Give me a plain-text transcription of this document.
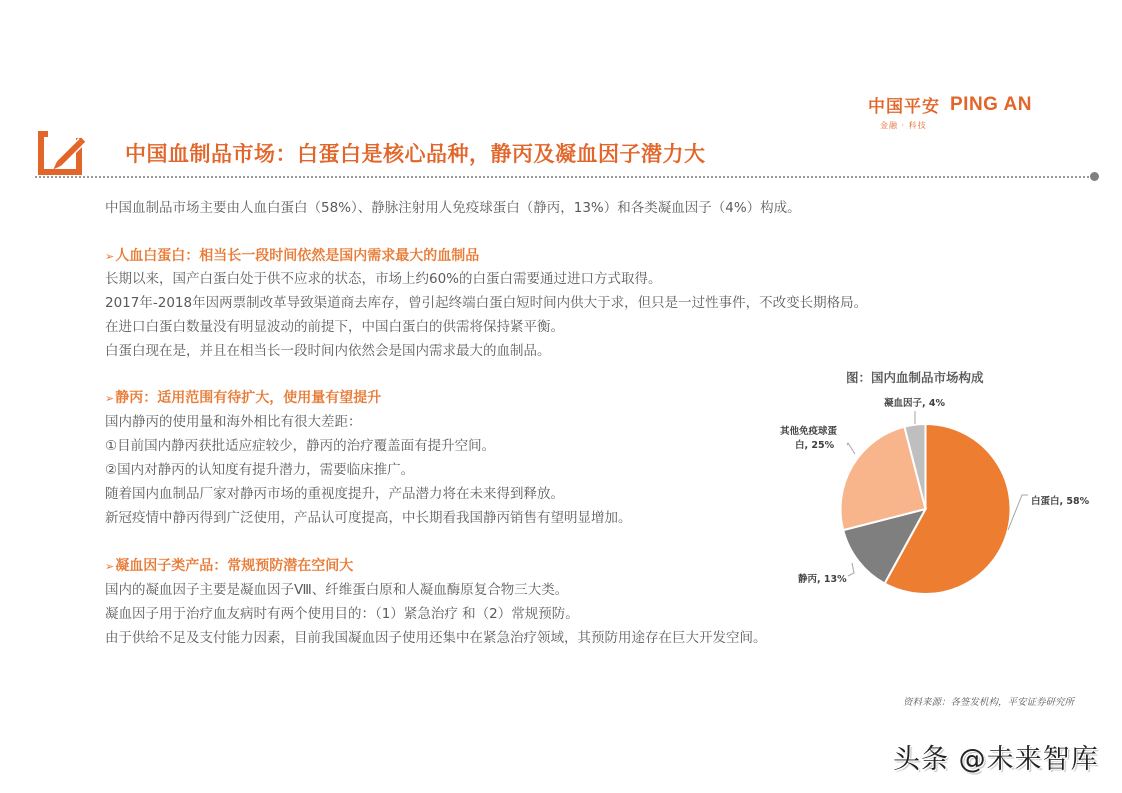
中国平安 PING AN
金融 · 科技
中国血制品市场：白蛋白是核心品种，静丙及凝血因子潜力大
中国血制品市场主要由人血白蛋白（58%）、静脉注射用人免疫球蛋白（静丙，13%）和各类凝血因子（4%）构成。
➢人血白蛋白：相当长一段时间依然是国内需求最大的血制品
长期以来，国产白蛋白处于供不应求的状态，市场上约60%的白蛋白需要通过进口方式取得。
2017年-2018年因两票制改革导致渠道商去库存，曾引起终端白蛋白短时间内供大于求，但只是一过性事件，不改变长期格局。
在进口白蛋白数量没有明显波动的前提下，中国白蛋白的供需将保持紧平衡。
白蛋白现在是，并且在相当长一段时间内依然会是国内需求最大的血制品。
➢静丙：适用范围有待扩大，使用量有望提升
国内静丙的使用量和海外相比有很大差距：
①目前国内静丙获批适应症较少，静丙的治疗覆盖面有提升空间。
②国内对静丙的认知度有提升潜力，需要临床推广。
随着国内血制品厂家对静丙市场的重视度提升，产品潜力将在未来得到释放。
新冠疫情中静丙得到广泛使用，产品认可度提高，中长期看我国静丙销售有望明显增加。
➢凝血因子类产品：常规预防潜在空间大
国内的凝血因子主要是凝血因子Ⅷ、纤维蛋白原和人凝血酶原复合物三大类。
凝血因子用于治疗血友病时有两个使用目的：（1）紧急治疗 和（2）常规预防。
由于供给不足及支付能力因素，目前我国凝血因子使用还集中在紧急治疗领域，其预防用途存在巨大开发空间。
图：国内血制品市场构成
凝血因子, 4%
其他免疫球蛋
白, 25%
白蛋白, 58%
静丙, 13%
资料来源：各签发机构，平安证券研究所
头条 @未来智库
